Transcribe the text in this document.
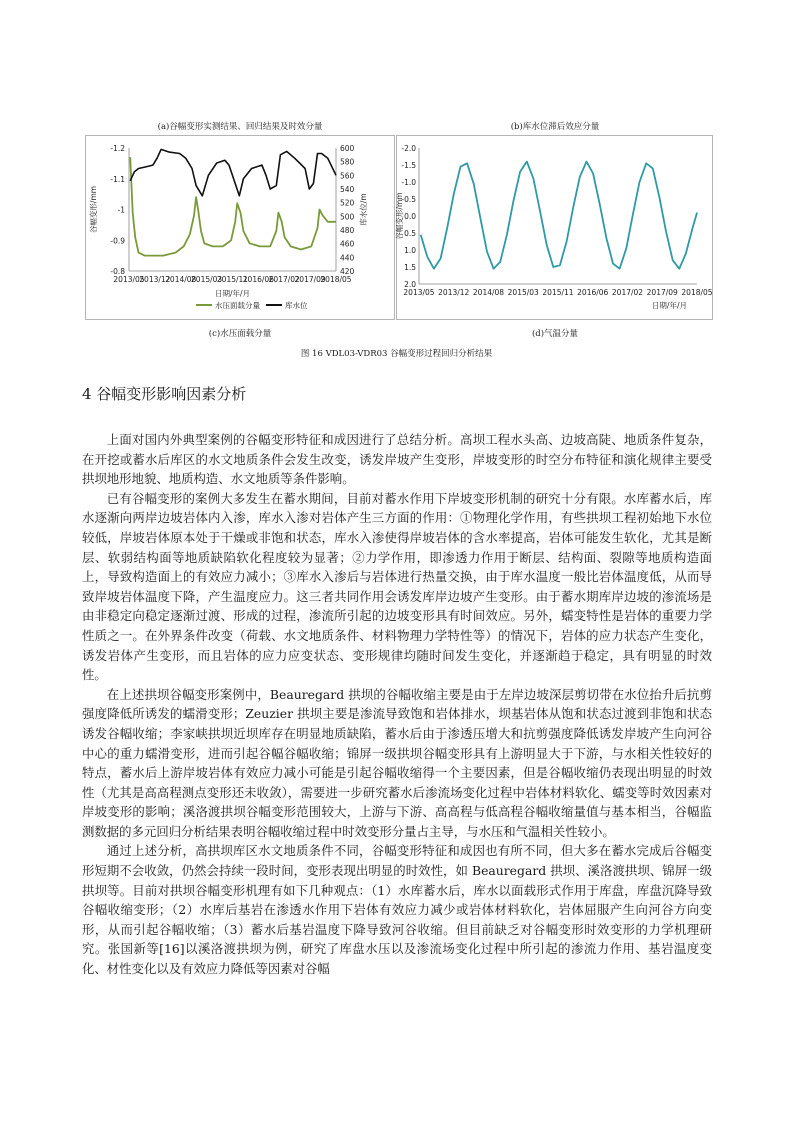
(a)谷幅变形实测结果、回归结果及时效分量	(b)库水位滞后效应分量
-1.2
-1.1
-1
-0.9
-0.8
600
580
560
540
520
500
480
460
440
420
2013/05
2013/12
2014/08
2015/03
2015/11
2016/06
2017/02
2017/09
2018/05
谷幅变形/mm	库水位/m
日期/年/月
水压面载分量	库水位
-2.0
-1.5
-1.0
-0.5
0.0
0.5
1.0
1.5
2.0
2013/05 2013/12 2014/08 2015/03 2015/11 2016/06 2017/02 2017/09 2018/05
谷幅变形/mm
日期/年/月
(c)水压面载分量	(d)气温分量
图 16 VDL03-VDR03 谷幅变形过程回归分析结果
4 谷幅变形影响因素分析

上面对国内外典型案例的谷幅变形特征和成因进行了总结分析。高坝工程水头高、边坡高陡、地质条件复杂，在开挖或蓄水后库区的水文地质条件会发生改变，诱发岸坡产生变形，岸坡变形的时空分布特征和演化规律主要受拱坝地形地貌、地质构造、水文地质等条件影响。

已有谷幅变形的案例大多发生在蓄水期间，目前对蓄水作用下岸坡变形机制的研究十分有限。水库蓄水后，库水逐渐向两岸边坡岩体内入渗，库水入渗对岩体产生三方面的作用：①物理化学作用，有些拱坝工程初始地下水位较低，岸坡岩体原本处于干燥或非饱和状态，库水入渗使得岸坡岩体的含水率提高，岩体可能发生软化，尤其是断层、软弱结构面等地质缺陷软化程度较为显著；②力学作用，即渗透力作用于断层、结构面、裂隙等地质构造面上，导致构造面上的有效应力减小；③库水入渗后与岩体进行热量交换，由于库水温度一般比岩体温度低，从而导致岸坡岩体温度下降，产生温度应力。这三者共同作用会诱发库岸边坡产生变形。由于蓄水期库岸边坡的渗流场是由非稳定向稳定逐渐过渡、形成的过程，渗流所引起的边坡变形具有时间效应。另外，蠕变特性是岩体的重要力学性质之一。在外界条件改变（荷载、水文地质条件、材料物理力学特性等）的情况下，岩体的应力状态产生变化，诱发岩体产生变形，而且岩体的应力应变状态、变形规律均随时间发生变化，并逐渐趋于稳定，具有明显的时效性。

在上述拱坝谷幅变形案例中，Beauregard 拱坝的谷幅收缩主要是由于左岸边坡深层剪切带在水位抬升后抗剪强度降低所诱发的蠕滑变形；Zeuzier 拱坝主要是渗流导致饱和岩体排水，坝基岩体从饱和状态过渡到非饱和状态诱发谷幅收缩；李家峡拱坝近坝库存在明显地质缺陷，蓄水后由于渗透压增大和抗剪强度降低诱发岸坡产生向河谷中心的重力蠕滑变形，进而引起谷幅谷幅收缩；锦屏一级拱坝谷幅变形具有上游明显大于下游，与水相关性较好的特点，蓄水后上游岸坡岩体有效应力减小可能是引起谷幅收缩得一个主要因素，但是谷幅收缩仍表现出明显的时效性（尤其是高高程测点变形还未收敛），需要进一步研究蓄水后渗流场变化过程中岩体材料软化、蠕变等时效因素对岸坡变形的影响；溪洛渡拱坝谷幅变形范围较大，上游与下游、高高程与低高程谷幅收缩量值与基本相当，谷幅监测数据的多元回归分析结果表明谷幅收缩过程中时效变形分量占主导，与水压和气温相关性较小。

通过上述分析，高拱坝库区水文地质条件不同，谷幅变形特征和成因也有所不同，但大多在蓄水完成后谷幅变形短期不会收敛，仍然会持续一段时间，变形表现出明显的时效性，如 Beauregard 拱坝、溪洛渡拱坝、锦屏一级拱坝等。目前对拱坝谷幅变形机理有如下几种观点：（1）水库蓄水后，库水以面载形式作用于库盘，库盘沉降导致谷幅收缩变形；（2）水库后基岩在渗透水作用下岩体有效应力减少或岩体材料软化，岩体屈服产生向河谷方向变形，从而引起谷幅收缩；（3）蓄水后基岩温度下降导致河谷收缩。但目前缺乏对谷幅变形时效变形的力学机理研究。张国新等[16]以溪洛渡拱坝为例，研究了库盘水压以及渗流场变化过程中所引起的渗流力作用、基岩温度变化、材性变化以及有效应力降低等因素对谷幅
